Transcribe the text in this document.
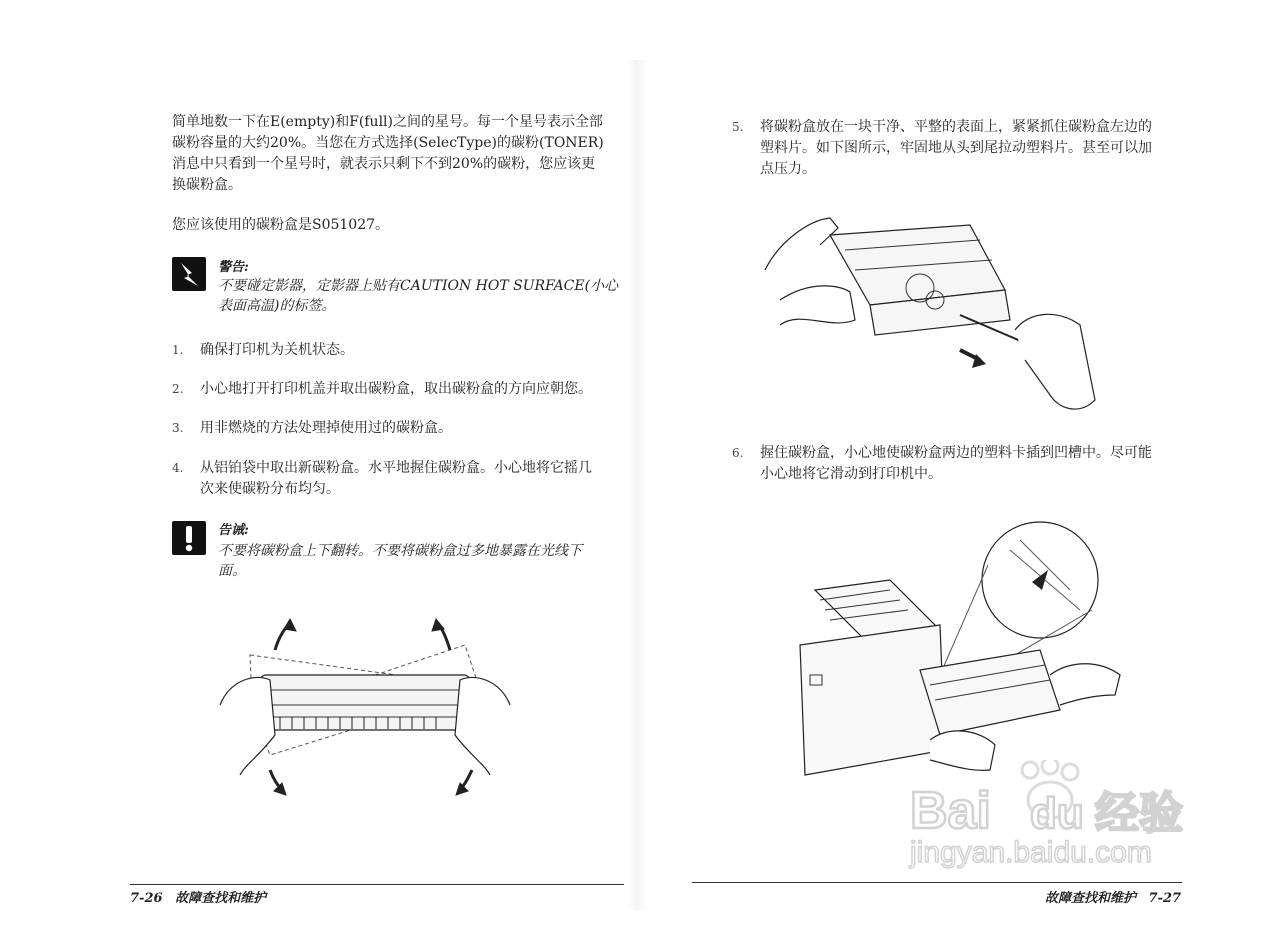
简单地数一下在E(empty)和F(full)之间的星号。每一个星号表示全部
碳粉容量的大约20%。当您在方式选择(SelecType)的碳粉(TONER)
消息中只看到一个星号时，就表示只剩下不到20%的碳粉，您应该更
换碳粉盒。
您应该使用的碳粉盒是S051027。
警告:
不要碰定影器，定影器上贴有CAUTION HOT SURFACE(小心
表面高温)的标签。
1. 确保打印机为关机状态。
2. 小心地打开打印机盖并取出碳粉盒，取出碳粉盒的方向应朝您。
3. 用非燃烧的方法处理掉使用过的碳粉盒。
4. 从铝铂袋中取出新碳粉盒。水平地握住碳粉盒。小心地将它摇几
次来使碳粉分布均匀。
告诫:
不要将碳粉盒上下翻转。不要将碳粉盒过多地暴露在光线下
面。
7-26 故障查找和维护
5. 将碳粉盒放在一块干净、平整的表面上，紧紧抓住碳粉盒左边的
塑料片。如下图所示，牢固地从头到尾拉动塑料片。甚至可以加
点压力。
6. 握住碳粉盒，小心地使碳粉盒两边的塑料卡插到凹槽中。尽可能
小心地将它滑动到打印机中。
故障查找和维护 7-27
Bai du 经验
jingyan.baidu.com
